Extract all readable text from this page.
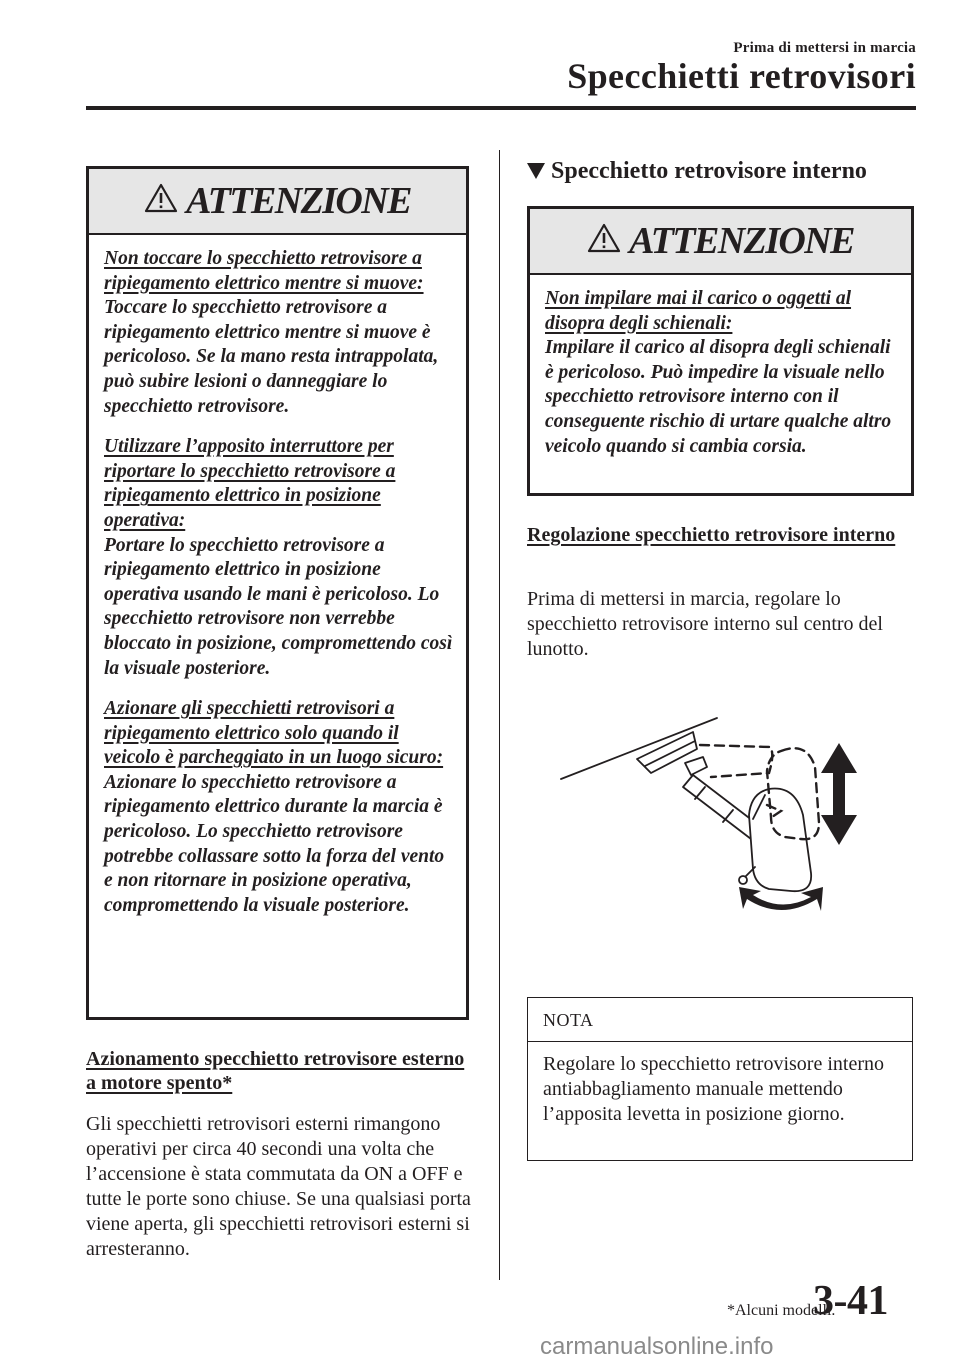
Prima di mettersi in marcia
Specchietti retrovisori
ATTENZIONE

Non toccare lo specchietto retrovisore a ripiegamento elettrico mentre si muove:
Toccare lo specchietto retrovisore a ripiegamento elettrico mentre si muove è pericoloso. Se la mano resta intrappolata, può subire lesioni o danneggiare lo specchietto retrovisore.

Utilizzare l’apposito interruttore per riportare lo specchietto retrovisore a ripiegamento elettrico in posizione operativa:
Portare lo specchietto retrovisore a ripiegamento elettrico in posizione operativa usando le mani è pericoloso. Lo specchietto retrovisore non verrebbe bloccato in posizione, compromettendo così la visuale posteriore.

Azionare gli specchietti retrovisori a ripiegamento elettrico solo quando il veicolo è parcheggiato in un luogo sicuro:
Azionare lo specchietto retrovisore a ripiegamento elettrico durante la marcia è pericoloso. Lo specchietto retrovisore potrebbe collassare sotto la forza del vento e non ritornare in posizione operativa, compromettendo la visuale posteriore.

Azionamento specchietto retrovisore esterno a motore spento*

Gli specchietti retrovisori esterni rimangono operativi per circa 40 secondi una volta che l’accensione è stata commutata da ON a OFF e tutte le porte sono chiuse. Se una qualsiasi porta viene aperta, gli specchietti retrovisori esterni si arresteranno.

Specchietto retrovisore interno
ATTENZIONE

Non impilare mai il carico o oggetti al disopra degli schienali:
Impilare il carico al disopra degli schienali è pericoloso. Può impedire la visuale nello specchietto retrovisore interno con il conseguente rischio di urtare qualche altro veicolo quando si cambia corsia.

Regolazione specchietto retrovisore interno

Prima di mettersi in marcia, regolare lo specchietto retrovisore interno sul centro del lunotto.

NOTA
Regolare lo specchietto retrovisore interno antiabbagliamento manuale mettendo l’apposita levetta in posizione giorno.
*Alcuni modelli.
3-41
carmanualsonline.info
